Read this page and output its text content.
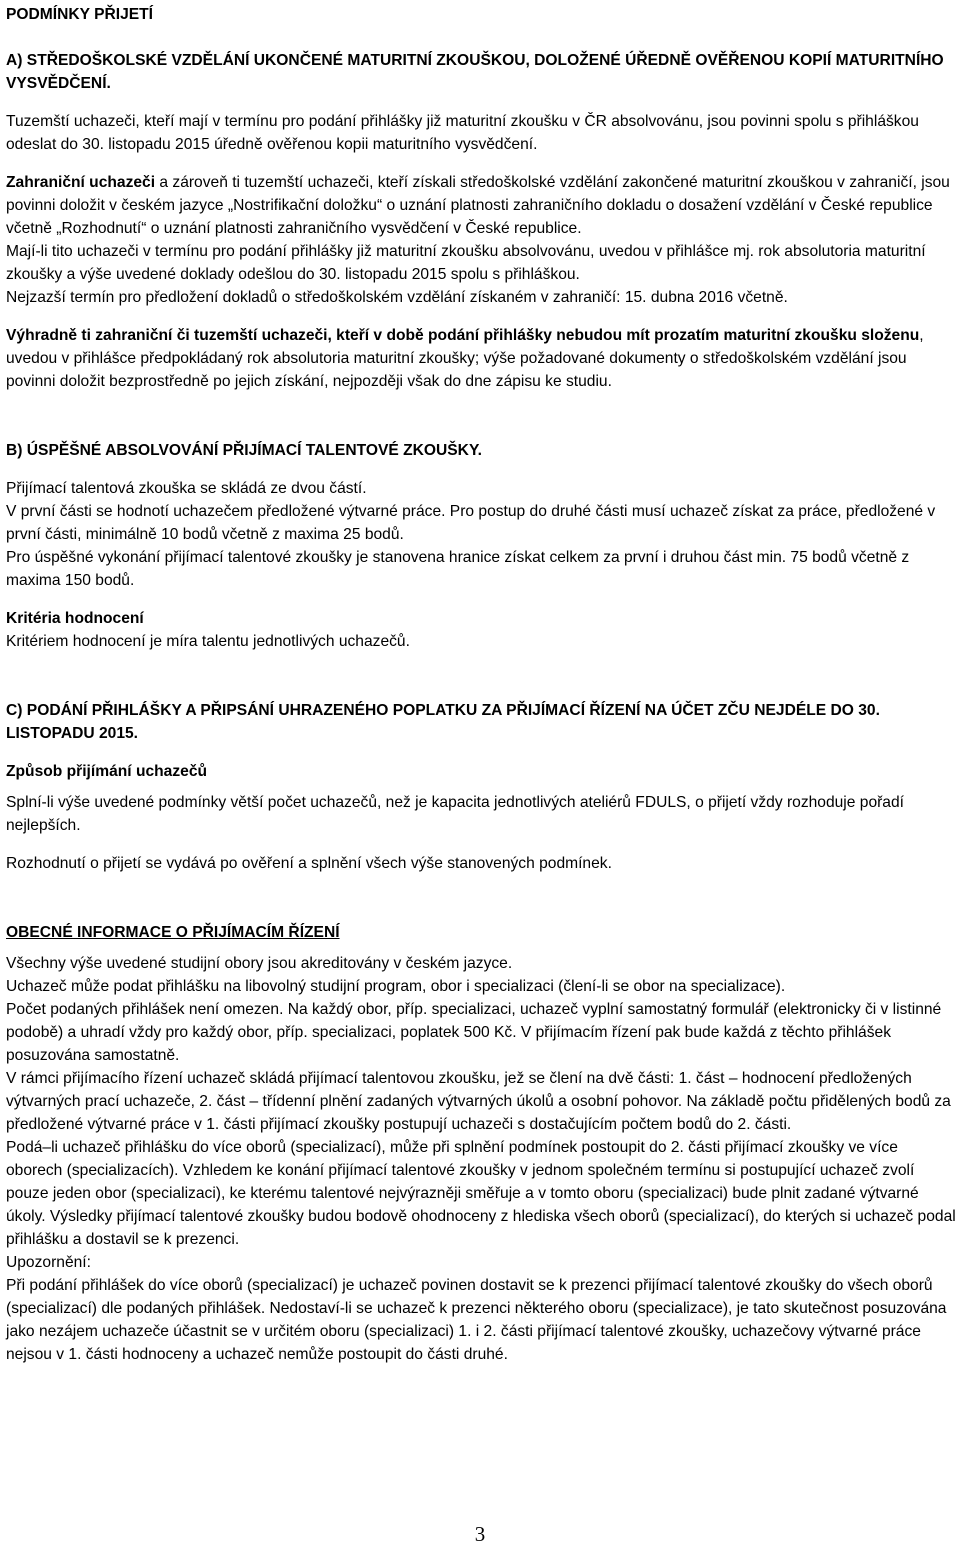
PODMÍNKY PŘIJETÍ

A) STŘEDOŠKOLSKÉ VZDĚLÁNÍ UKONČENÉ MATURITNÍ ZKOUŠKOU, DOLOŽENÉ ÚŘEDNĚ OVĚŘENOU KOPIÍ MATURITNÍHO VYSVĚDČENÍ.

Tuzemští uchazeči, kteří mají v termínu pro podání přihlášky již maturitní zkoušku v ČR absolvovánu, jsou povinni spolu s přihláškou odeslat do 30. listopadu 2015 úředně ověřenou kopii maturitního vysvědčení.

Zahraniční uchazeči a zároveň ti tuzemští uchazeči, kteří získali středoškolské vzdělání zakončené maturitní zkouškou v zahraničí, jsou povinni doložit v českém jazyce „Nostrifikační doložku“ o uznání platnosti zahraničního dokladu o dosažení vzdělání v České republice včetně „Rozhodnutí“ o uznání platnosti zahraničního vysvědčení v České republice.

Mají-li tito uchazeči v termínu pro podání přihlášky již maturitní zkoušku absolvovánu, uvedou v přihlášce mj. rok absolutoria maturitní zkoušky a výše uvedené doklady odešlou do 30. listopadu 2015 spolu s přihláškou.

Nejzazší termín pro předložení dokladů o středoškolském vzdělání získaném v zahraničí: 15. dubna 2016 včetně.

Výhradně ti zahraniční či tuzemští uchazeči, kteří v době podání přihlášky nebudou mít prozatím maturitní zkoušku složenu, uvedou v přihlášce předpokládaný rok absolutoria maturitní zkoušky; výše požadované dokumenty o středoškolském vzdělání jsou povinni doložit bezprostředně po jejich získání, nejpozději však do dne zápisu ke studiu.

B) ÚSPĚŠNÉ ABSOLVOVÁNÍ PŘIJÍMACÍ TALENTOVÉ ZKOUŠKY.

Přijímací talentová zkouška se skládá ze dvou částí.

V první části se hodnotí uchazečem předložené výtvarné práce. Pro postup do druhé části musí uchazeč získat za práce, předložené v první části, minimálně 10 bodů včetně z maxima 25 bodů.

Pro úspěšné vykonání přijímací talentové zkoušky je stanovena hranice získat celkem za první i druhou část min. 75 bodů včetně z maxima 150 bodů.

Kritéria hodnocení

Kritériem hodnocení je míra talentu jednotlivých uchazečů.

C) PODÁNÍ PŘIHLÁŠKY A PŘIPSÁNÍ UHRAZENÉHO POPLATKU ZA PŘIJÍMACÍ ŘÍZENÍ NA ÚČET ZČU NEJDÉLE DO 30. LISTOPADU 2015.

Způsob přijímání uchazečů

Splní-li výše uvedené podmínky větší počet uchazečů, než je kapacita jednotlivých ateliérů FDULS, o přijetí vždy rozhoduje pořadí nejlepších.

Rozhodnutí o přijetí se vydává po ověření a splnění všech výše stanovených podmínek.

OBECNÉ INFORMACE O PŘIJÍMACÍM ŘÍZENÍ

Všechny výše uvedené studijní obory jsou akreditovány v českém jazyce.

Uchazeč může podat přihlášku na libovolný studijní program, obor i specializaci (člení-li se obor na specializace).

Počet podaných přihlášek není omezen. Na každý obor, příp. specializaci, uchazeč vyplní samostatný formulář (elektronicky či v listinné podobě) a uhradí vždy pro každý obor, příp. specializaci, poplatek 500 Kč. V přijímacím řízení pak bude každá z těchto přihlášek posuzována samostatně.

V rámci přijímacího řízení uchazeč skládá přijímací talentovou zkoušku, jež se člení na dvě části: 1. část – hodnocení předložených výtvarných prací uchazeče, 2. část – třídenní plnění zadaných výtvarných úkolů a osobní pohovor. Na základě počtu přidělených bodů za předložené výtvarné práce v 1. části přijímací zkoušky postupují uchazeči s dostačujícím počtem bodů do 2. části.

Podá–li uchazeč přihlášku do více oborů (specializací), může při splnění podmínek postoupit do 2. části přijímací zkoušky ve více oborech (specializacích). Vzhledem ke konání přijímací talentové zkoušky v jednom společném termínu si postupující uchazeč zvolí pouze jeden obor (specializaci), ke kterému talentové nejvýrazněji směřuje a v tomto oboru (specializaci) bude plnit zadané výtvarné úkoly. Výsledky přijímací talentové zkoušky budou bodově ohodnoceny z hlediska všech oborů (specializací), do kterých si uchazeč podal přihlášku a dostavil se k prezenci.

Upozornění:

Při podání přihlášek do více oborů (specializací) je uchazeč povinen dostavit se k prezenci přijímací talentové zkoušky do všech oborů (specializací) dle podaných přihlášek. Nedostaví-li se uchazeč k prezenci některého oboru (specializace), je tato skutečnost posuzována jako nezájem uchazeče účastnit se v určitém oboru (specializaci) 1. i 2. části přijímací talentové zkoušky, uchazečovy výtvarné práce nejsou v 1. části hodnoceny a uchazeč nemůže postoupit do části druhé.

3
